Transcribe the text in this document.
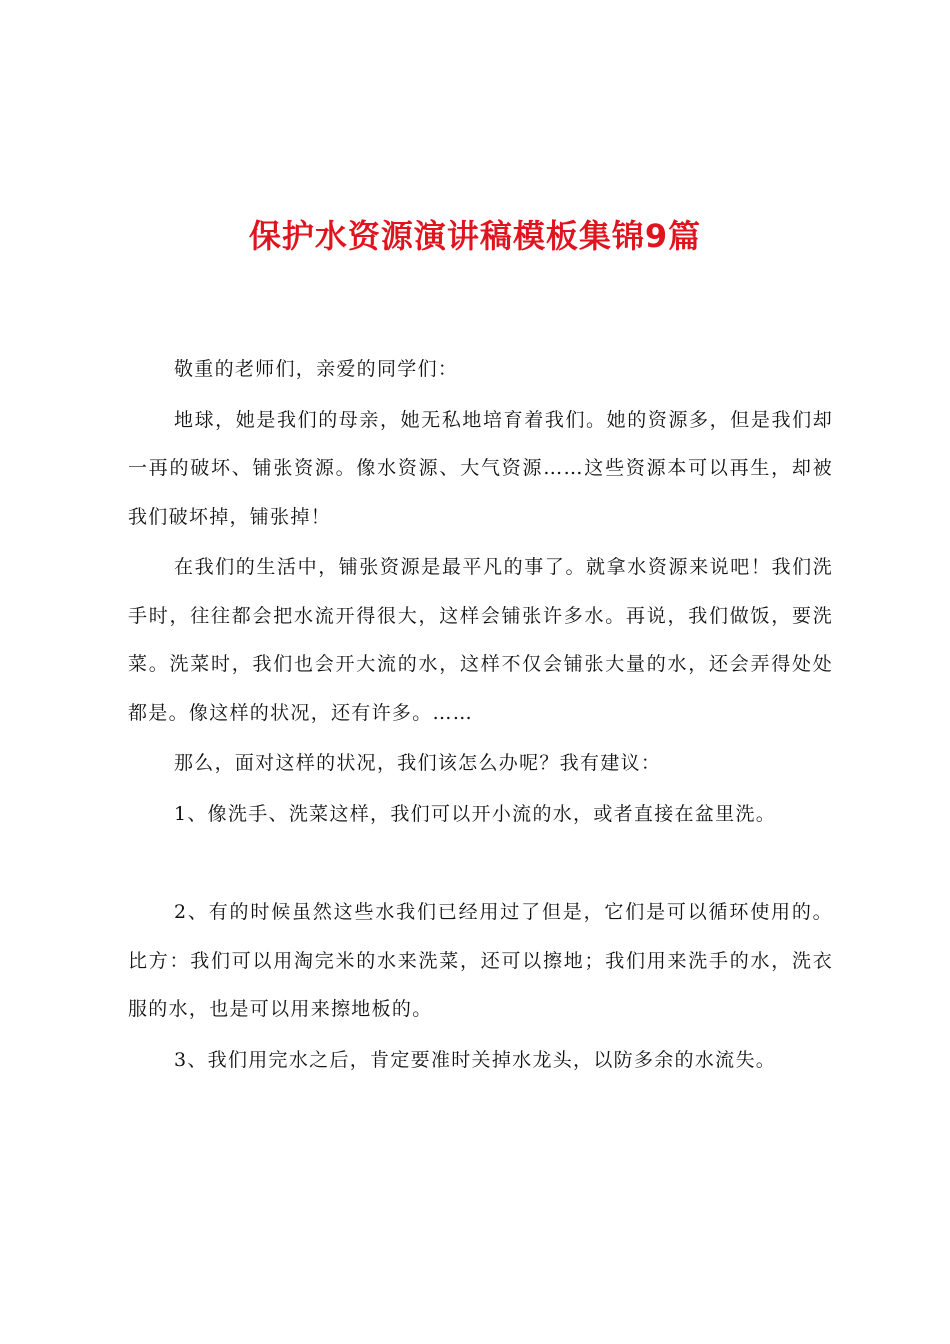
保护水资源演讲稿模板集锦9篇

敬重的老师们，亲爱的同学们：

地球，她是我们的母亲，她无私地培育着我们。她的资源多，但是我们却一再的破坏、铺张资源。像水资源、大气资源……这些资源本可以再生，却被我们破坏掉，铺张掉！

在我们的生活中，铺张资源是最平凡的事了。就拿水资源来说吧！我们洗手时，往往都会把水流开得很大，这样会铺张许多水。再说，我们做饭，要洗菜。洗菜时，我们也会开大流的水，这样不仅会铺张大量的水，还会弄得处处都是。像这样的状况，还有许多。……

那么，面对这样的状况，我们该怎么办呢？我有建议：

1、像洗手、洗菜这样，我们可以开小流的水，或者直接在盆里洗。

2、有的时候虽然这些水我们已经用过了但是，它们是可以循环使用的。比方：我们可以用淘完米的水来洗菜，还可以擦地；我们用来洗手的水，洗衣服的水，也是可以用来擦地板的。

3、我们用完水之后，肯定要准时关掉水龙头，以防多余的水流失。
